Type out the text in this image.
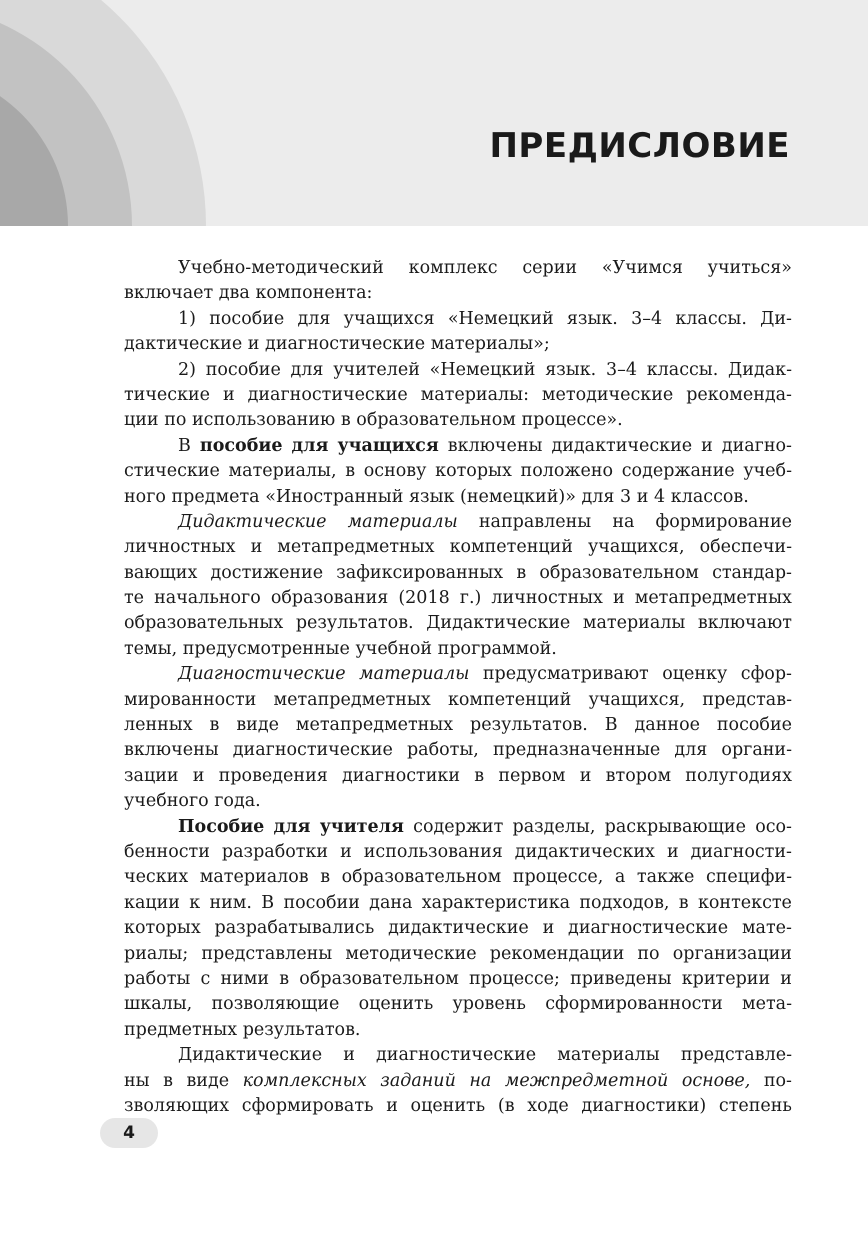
ПРЕДИСЛОВИЕ
Учебно-методический комплекс серии «Учимся учиться»
включает два компонента:
1) пособие для учащихся «Немецкий язык. 3–4 классы. Ди-
дактические и диагностические материалы»;
2) пособие для учителей «Немецкий язык. 3–4 классы. Дидак-
тические и диагностические материалы: методические рекоменда-
ции по использованию в образовательном процессе».
В пособие для учащихся включены дидактические и диагно-
стические материалы, в основу которых положено содержание учеб-
ного предмета «Иностранный язык (немецкий)» для 3 и 4 классов.
Дидактические материалы направлены на формирование
личностных и метапредметных компетенций учащихся, обеспечи-
вающих достижение зафиксированных в образовательном стандар-
те начального образования (2018 г.) личностных и метапредметных
образовательных результатов. Дидактические материалы включают
темы, предусмотренные учебной программой.
Диагностические материалы предусматривают оценку сфор-
мированности метапредметных компетенций учащихся, представ-
ленных в виде метапредметных результатов. В данное пособие
включены диагностические работы, предназначенные для органи-
зации и проведения диагностики в первом и втором полугодиях
учебного года.
Пособие для учителя содержит разделы, раскрывающие осо-
бенности разработки и использования дидактических и диагности-
ческих материалов в образовательном процессе, а также специфи-
кации к ним. В пособии дана характеристика подходов, в контексте
которых разрабатывались дидактические и диагностические мате-
риалы; представлены методические рекомендации по организации
работы с ними в образовательном процессе; приведены критерии и
шкалы, позволяющие оценить уровень сформированности мета-
предметных результатов.
Дидактические и диагностические материалы представле-
ны в виде комплексных заданий на межпредметной основе, по-
зволяющих сформировать и оценить (в ходе диагностики) степень
4
